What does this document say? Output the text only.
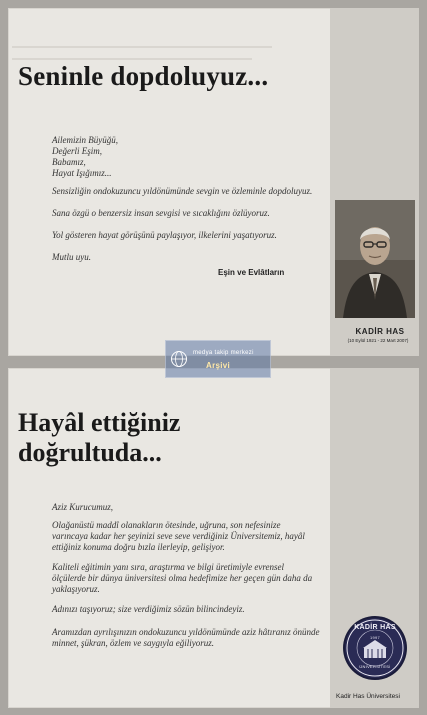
Seninle dopdoluyuz...

Ailemizin Büyüğü,

Değerli Eşim,

Babamız,

Hayat Işığımız...

Sensizliğin ondokuzuncu yıldönümünde sevgin ve özleminle dopdoluyuz.
Sana özgü o benzersiz insan sevgisi ve sıcaklığını özlüyoruz.
Yol gösteren hayat görüşünü paylaşıyor, ilkelerini yaşatıyoruz.
Mutlu uyu.
Eşin ve Evlâtların
KADİR HAS
(10 Eylül 1921 - 22 Mart 2007)
Hayâl ettiğiniz
doğrultuda...
Aziz Kurucumuz,
Olağanüstü maddî olanakların ötesinde, uğruna, son nefesinize varıncaya kadar her şeyinizi seve seve verdiğiniz Üniversitemiz, hayâl ettiğiniz konuma doğru bızla ilerleyip, gelişiyor.
Kaliteli eğitimin yanı sıra, araştırma ve bilgi üretimiyle evrensel ölçülerde bir dünya üniversitesi olma hedefimize her geçen gün daha da yaklaşıyoruz.
Adınızı taşıyoruz; size verdiğimiz sözün bilincindeyiz.
Aramızdan ayrılışınızın ondokuzuncu yıldönümünde aziz hâtıranız önünde minnet, şükran, özlem ve saygıyla eğiliyoruz.
KADİR HAS
1997
ÜNİVERSİTESİ
Kadir Has Üniversitesi
medya takip merkezi
Arşivi
